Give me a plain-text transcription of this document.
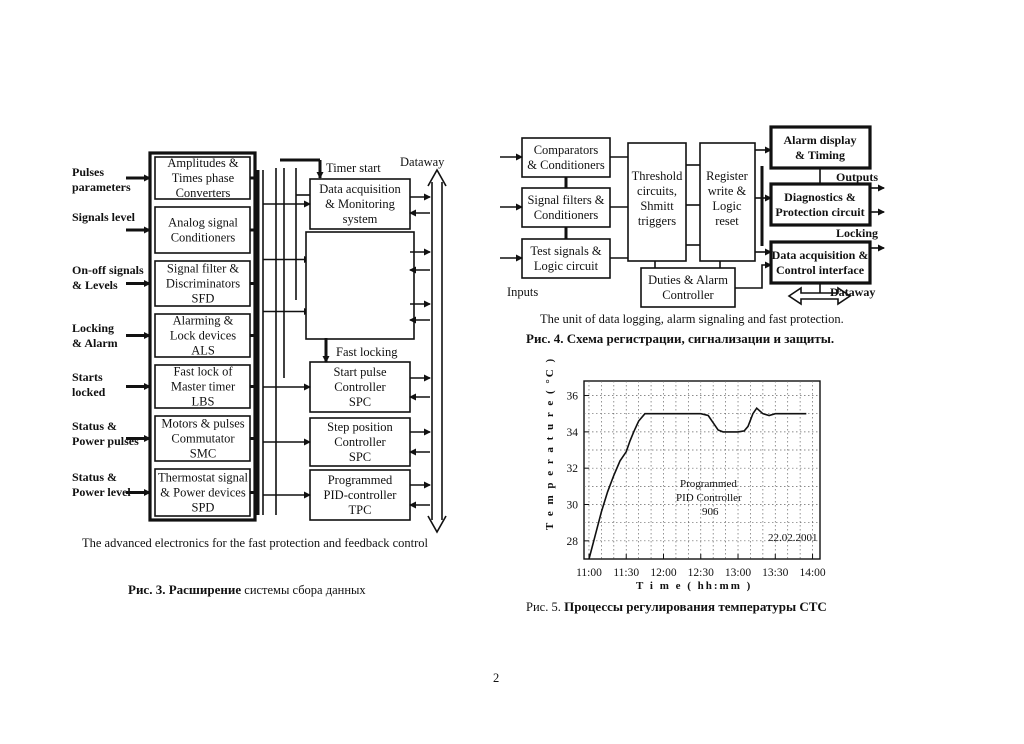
Amplitudes &
Times phase
Converters
Analog signal
Conditioners
Signal filter &
Discriminators
SFD
Alarming &
Lock devices
ALS
Fast lock of
Master timer
LBS
Motors & pulses
Commutator
SMC
Thermostat signal
& Power devices
SPD
Data acquisition
& Monitoring
system
Start pulse
Controller
SPC
Step position
Controller
SPC
Programmed
PID-controller
TPC
Timer start Dataway
Fast locking
Pulses
parameters
Signals level
On-off signals
& Levels
Locking
& Alarm
Starts
locked
Status &
Power pulses
Status &
Power level
The advanced electronics for the fast protection and feedback control
Рис. 3. Расширение системы сбора данных
Comparators
& Conditioners
Signal filters &
Conditioners
Test signals &
Logic circuit
Threshold
circuits,
Shmitt
triggers
Register
write &
Logic
reset
Duties & Alarm
Controller
Alarm display
& Timing
Diagnostics &
Protection circuit
Data acquisition &
Control interface
Inputs
Outputs
Locking
Dataway
The unit of data logging, alarm signaling and fast protection.
Рис. 4. Схема регистрации, сигнализации и защиты.
28
30
32
34
36
11:00 11:30 12:00 12:30 13:00 13:30 14:00
Programmed
PID Controller
906
22.02.2001
T i m e ( hh:mm )
T e m p e r a t u r e ( °C )
Рис. 5. Процессы регулирования температуры СТС
2
